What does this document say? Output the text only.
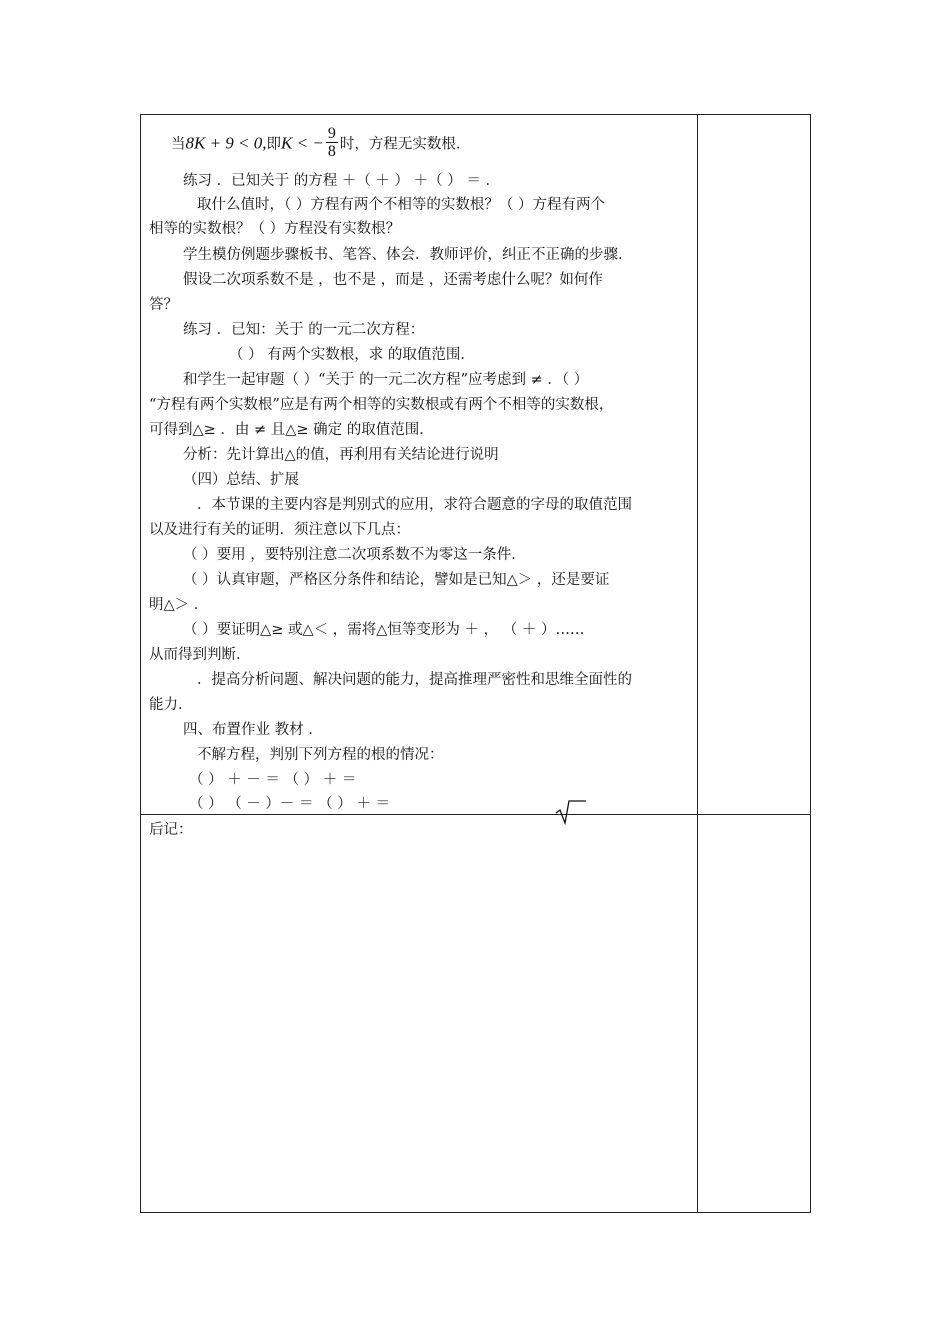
当8K + 9 < 0,即K < − $\frac{9}{8}$ 时，方程无实数根.
练习 ．已知关于 的方程 ＋（ ＋ ） ＋（ ） ＝ ．
取什么值时，（ ）方程有两个不相等的实数根？（ ）方程有两个
相等的实数根？（ ）方程没有实数根？
学生模仿例题步骤板书、笔答、体会．教师评价，纠正不正确的步骤．
假设二次项系数不是 ，也不是 ，而是 ，还需考虑什么呢？如何作
答？
练习 ．已知：关于 的一元二次方程：
（ ） 有两个实数根，求 的取值范围．
和学生一起审题（ ）“关于 的一元二次方程”应考虑到 ≠ ．（ ）
“方程有两个实数根”应是有两个相等的实数根或有两个不相等的实数根，
可得到△≥ ．由 ≠ 且△≥ 确定 的取值范围．
分析：先计算出△的值，再利用有关结论进行说明
（四）总结、扩展
．本节课的主要内容是判别式的应用，求符合题意的字母的取值范围
以及进行有关的证明．须注意以下几点：
（ ）要用 ，要特别注意二次项系数不为零这一条件．
（ ）认真审题，严格区分条件和结论，譬如是已知△＞ ，还是要证
明△＞ ．
（ ）要证明△≥ 或△＜ ，需将△恒等变形为 ＋ ， （ ＋ ）……
从而得到判断．
．提高分析问题、解决问题的能力，提高推理严密性和思维全面性的
能力．
四、布置作业 教材 ．
不解方程，判别下列方程的根的情况：
（ ） ＋ － ＝ （ ） ＋ ＝
（ ） （ － ）－ ＝ （ ） ＋ ＝
后记：
